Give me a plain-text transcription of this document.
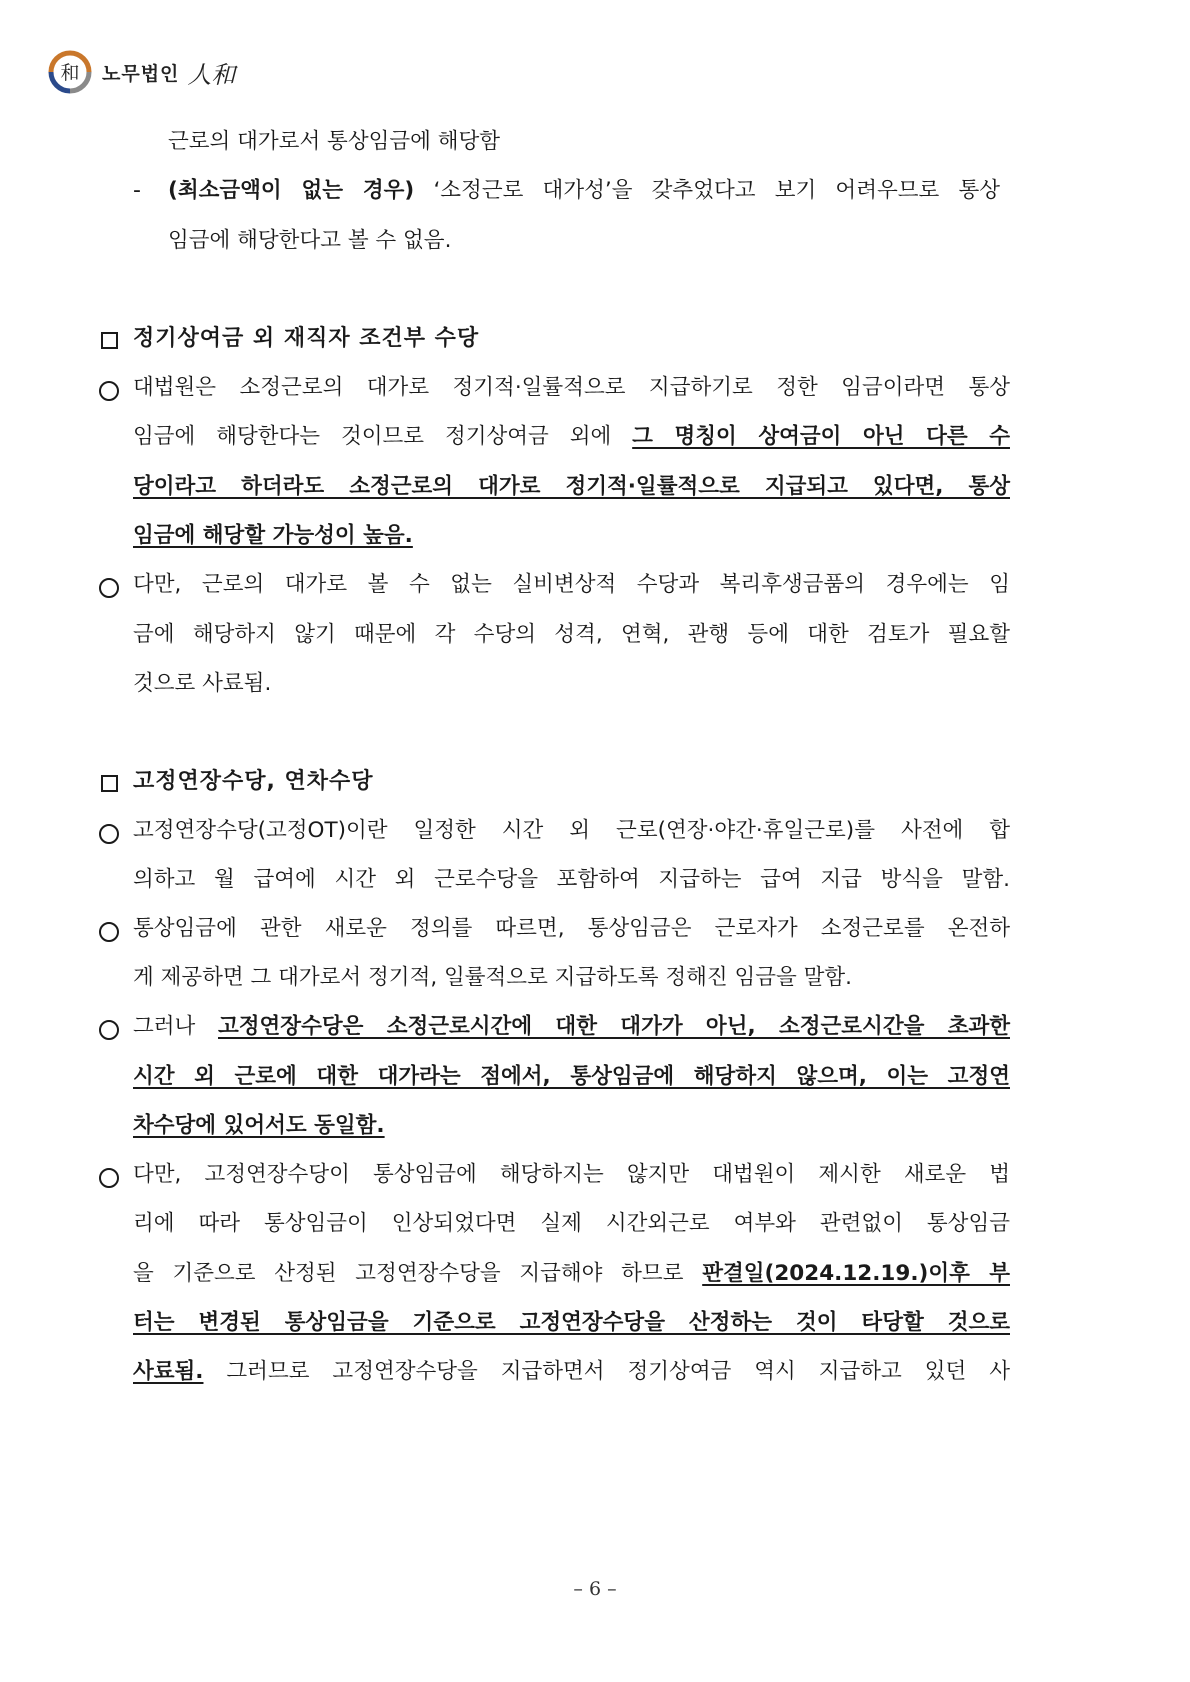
和 노무법인 人和
근로의 대가로서 통상임금에 해당함
- (최소금액이 없는 경우) ‘소정근로 대가성’을 갖추었다고 보기 어려우므로 통상
임금에 해당한다고 볼 수 없음.
정기상여금 외 재직자 조건부 수당
대법원은 소정근로의 대가로 정기적·일률적으로 지급하기로 정한 임금이라면 통상
임금에 해당한다는 것이므로 정기상여금 외에 그 명칭이 상여금이 아닌 다른 수
당이라고 하더라도 소정근로의 대가로 정기적·일률적으로 지급되고 있다면, 통상
임금에 해당할 가능성이 높음.
다만, 근로의 대가로 볼 수 없는 실비변상적 수당과 복리후생금품의 경우에는 임
금에 해당하지 않기 때문에 각 수당의 성격, 연혁, 관행 등에 대한 검토가 필요할
것으로 사료됨.
고정연장수당, 연차수당
고정연장수당(고정OT)이란 일정한 시간 외 근로(연장·야간·휴일근로)를 사전에 합
의하고 월 급여에 시간 외 근로수당을 포함하여 지급하는 급여 지급 방식을 말함.
통상임금에 관한 새로운 정의를 따르면, 통상임금은 근로자가 소정근로를 온전하
게 제공하면 그 대가로서 정기적, 일률적으로 지급하도록 정해진 임금을 말함.
그러나 고정연장수당은 소정근로시간에 대한 대가가 아닌, 소정근로시간을 초과한
시간 외 근로에 대한 대가라는 점에서, 통상임금에 해당하지 않으며, 이는 고정연
차수당에 있어서도 동일함.
다만, 고정연장수당이 통상임금에 해당하지는 않지만 대법원이 제시한 새로운 법
리에 따라 통상임금이 인상되었다면 실제 시간외근로 여부와 관련없이 통상임금
을 기준으로 산정된 고정연장수당을 지급해야 하므로 판결일(2024.12.19.)이후 부
터는 변경된 통상임금을 기준으로 고정연장수당을 산정하는 것이 타당할 것으로
사료됨. 그러므로 고정연장수당을 지급하면서 정기상여금 역시 지급하고 있던 사
– 6 –
